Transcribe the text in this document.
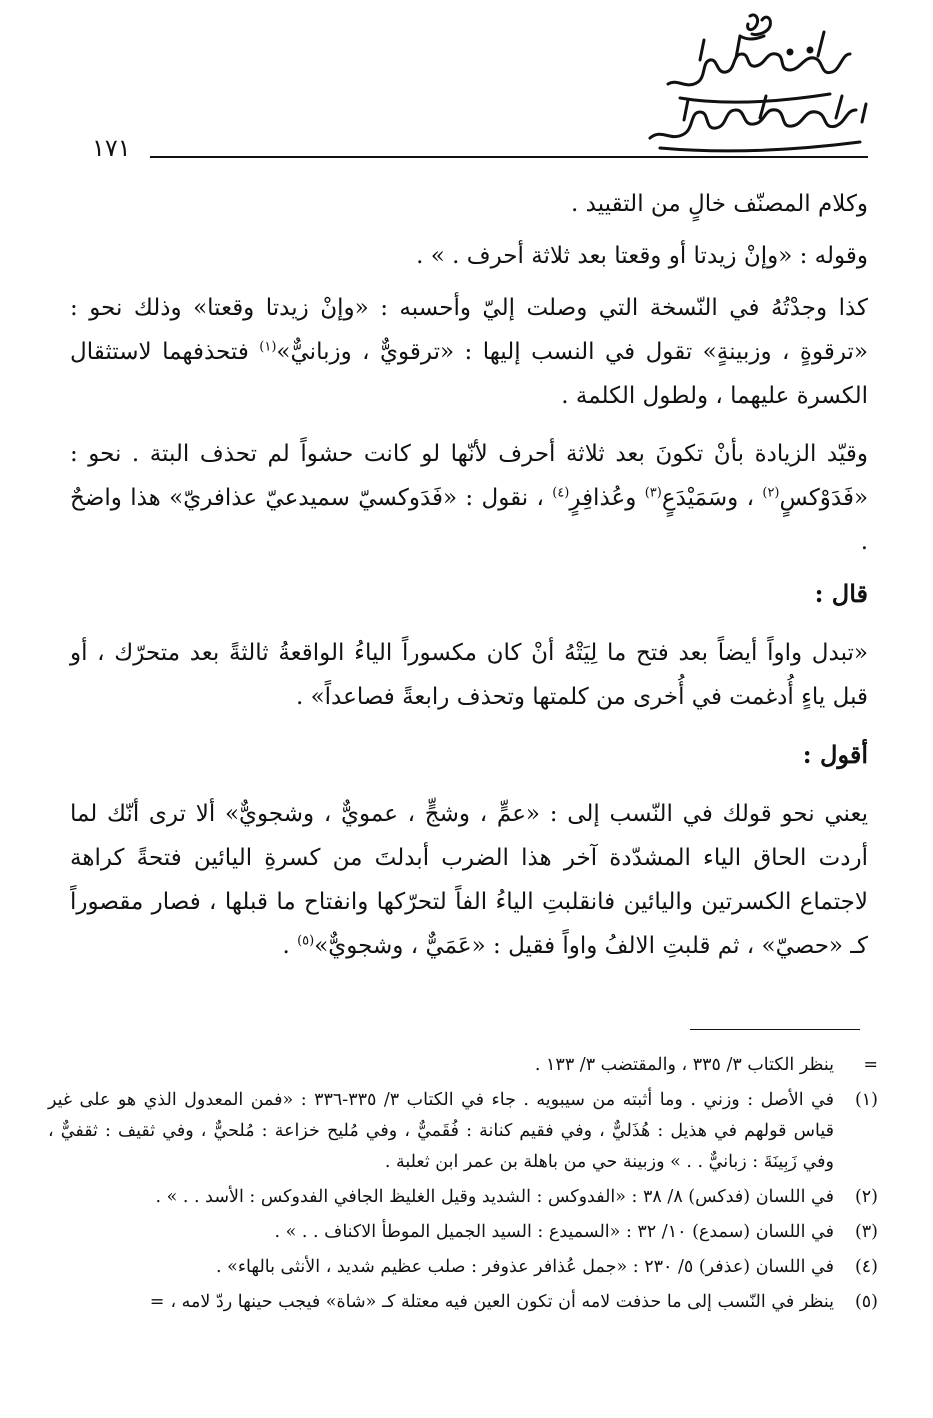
١٧١

وكلام المصنّف خالٍ من التقييد .

وقوله : «وإنْ زيدتا أو وقعتا بعد ثلاثة أحرف . » .

كذا وجدْتُهُ في النّسخة التي وصلت إليّ وأحسبه : «وإنْ زيدتا وقعتا» وذلك نحو : «ترقوةٍ ، وزبينةٍ» تقول في النسب إليها : «ترقويٌّ ، وزبانيٌّ»$^{(١)}$ فتحذفهما لاستثقال الكسرة عليهما ، ولطول الكلمة .

وقيّد الزيادة بأنْ تكونَ بعد ثلاثة أحرف لأنّها لو كانت حشواً لم تحذف البتة . نحو : «فَدَوْكسٍ$^{(٢)}$ ، وسَمَيْدَعٍ$^{(٣)}$ وعُذافِرٍ$^{(٤)}$ ، نقول : «فَدَوكسيّ سميدعيّ عذافريّ» هذا واضحٌ .

قال :

«تبدل واواً أيضاً بعد فتح ما لِيَتْهُ أنْ كان مكسوراً الياءُ الواقعةُ ثالثةً بعد متحرّك ، أو قبل ياءٍ أُدغمت في أُخرى من كلمتها وتحذف رابعةً فصاعداً» .

أقول :

يعني نحو قولك في النّسب إلى : «عمٍّ ، وشجٍّ ، عمويٌّ ، وشجويٌّ» ألا ترى أنّك لما أردت الحاق الياء المشدّدة آخر هذا الضرب أبدلتَ من كسرةِ اليائين فتحةً كراهة لاجتماع الكسرتين واليائين فانقلبتِ الياءُ الفاً لتحرّكها وانفتاح ما قبلها ، فصار مقصوراً كـ «حصيّ» ، ثم قلبتِ الالفُ واواً فقيل : «عَمَيٌّ ، وشجويٌّ»$^{(٥)}$ .

=
ينظر الكتاب ٣/ ٣٣٥ ، والمقتضب ٣/ ١٣٣ .
(١)
في الأصل : وزني . وما أثبته من سيبويه . جاء في الكتاب ٣/ ٣٣٥-٣٣٦ : «فمن المعدول الذي هو على غير قياس قولهم في هذيل : هُذَليٌّ ، وفي فقيم كنانة : فُقَميٌّ ، وفي مُليح خزاعة : مُلحيٌّ ، وفي ثقيف : ثقفيٌّ ، وفي زَبِينَةَ : زبانيٌّ . . » وزبينة حي من باهلة بن عمر ابن ثعلبة .
(٢)
في اللسان (فدكس) ٨/ ٣٨ : «الفدوكس : الشديد وقيل الغليظ الجافي الفدوكس : الأسد . . » .
(٣)
في اللسان (سمدع) ١٠/ ٣٢ : «السميدع : السيد الجميل الموطأ الاكناف . . » .
(٤)
في اللسان (عذفر) ٥/ ٢٣٠ : «جمل عُذافر عذوفر : صلب عظيم شديد ، الأنثى بالهاء» .
(٥)
ينظر في النّسب إلى ما حذفت لامه أن تكون العين فيه معتلة كـ «شاة» فيجب حينها ردّ لامه ،=
